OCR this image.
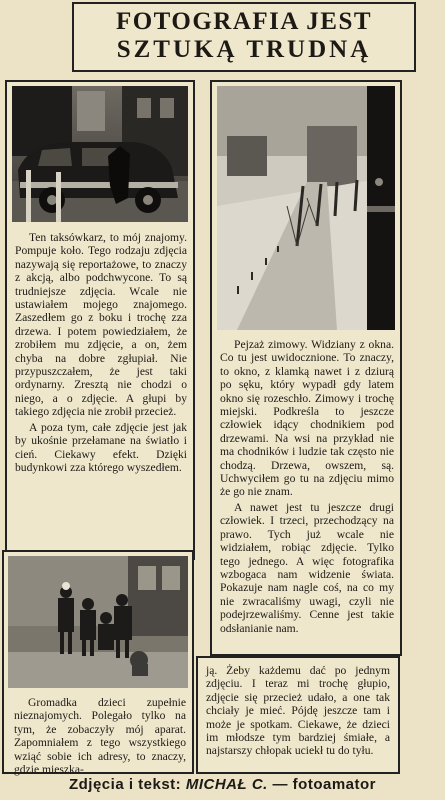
FOTOGRAFIA JEST
SZTUKĄ TRUDNĄ

Ten taksówkarz, to mój znajomy. Pompuje koło. Tego rodzaju zdjęcia nazywają się reportażowe, to znaczy z akcją, albo podchwycone. To są trudniejsze zdjęcia. Wcale nie ustawiałem mojego znajomego. Zaszedłem go z boku i trochę zza drzewa. I potem powiedziałem, że zrobiłem mu zdjęcie, a on, żem chyba na dobre zgłupiał. Nie przypuszczałem, że jest taki ordynarny. Zresztą nie chodzi o niego, a o zdjęcie. A głupi by takiego zdjęcia nie zrobił przecież.

A poza tym, całe zdjęcie jest jak by ukośnie przełamane na światło i cień. Ciekawy efekt. Dzięki budynkowi zza którego wyszedłem.

Pejzaż zimowy. Widziany z okna. Co tu jest uwidocznione. To znaczy, to okno, z klamką nawet i z dziurą po sęku, który wypadł gdy latem okno się rozeschło. Zimowy i trochę miejski. Podkreśla to jeszcze człowiek idący chodnikiem pod drzewami. Na wsi na przykład nie ma chodników i ludzie tak często nie chodzą. Drzewa, owszem, są. Uchwyciłem go tu na zdjęciu mimo że go nie znam.

A nawet jest tu jeszcze drugi człowiek. I trzeci, przechodzący na prawo. Tych już wcale nie widziałem, robiąc zdjęcie. Tylko tego jednego. A więc fotografika wzbogaca nam widzenie świata. Pokazuje nam nagle coś, na co my nie zwracaliśmy uwagi, czyli nie podejrzewaliśmy. Cenne jest takie odsłanianie nam.

Gromadka dzieci zupełnie nieznajomych. Polegało tylko na tym, że zobaczyły mój aparat. Zapomniałem z tego wszystkiego wziąć sobie ich adresy, to znaczy, gdzie mieszka-

ją. Żeby każdemu dać po jednym zdjęciu. I teraz mi trochę głupio, zdjęcie się przecież udało, a one tak chciały je mieć. Pójdę jeszcze tam i może je spotkam. Ciekawe, że dzieci im młodsze tym bardziej śmiałe, a najstarszy chłopak uciekł tu do tyłu.

Zdjęcia i tekst: MICHAŁ C. — fotoamator
